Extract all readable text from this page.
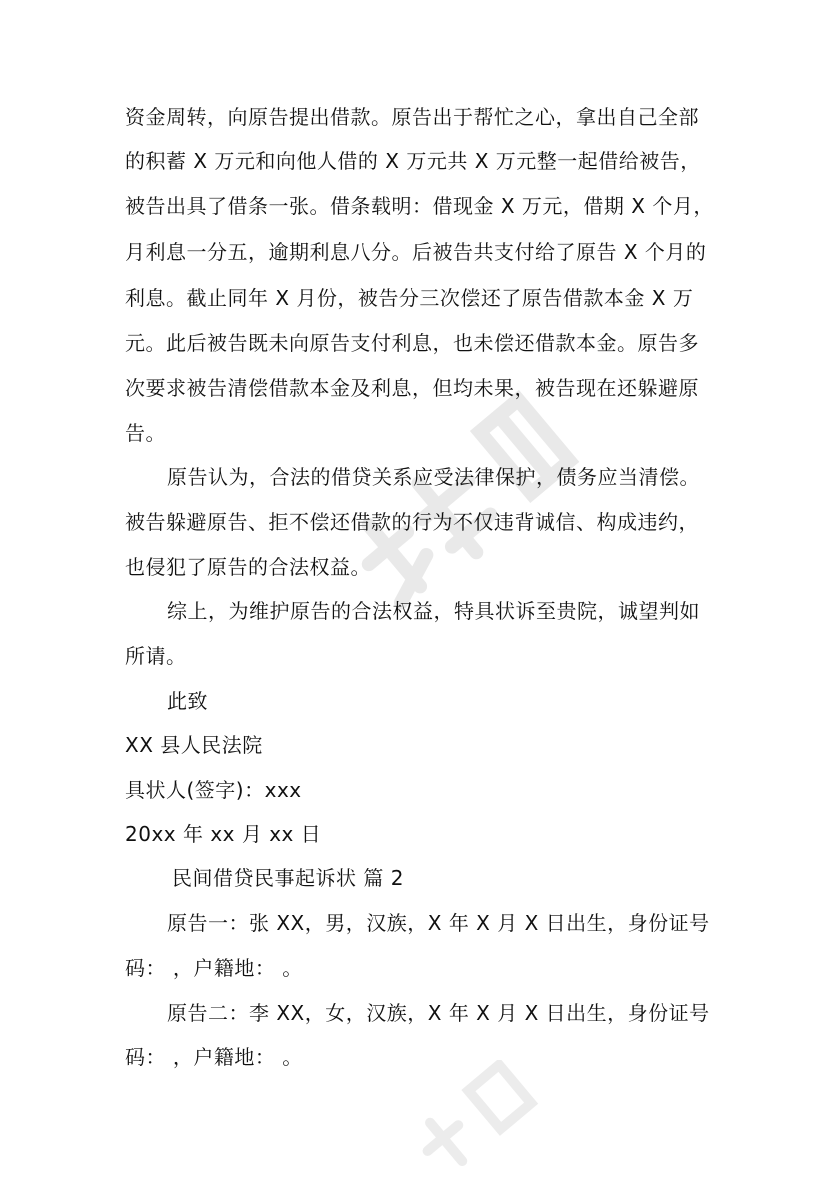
资金周转，向原告提出借款。原告出于帮忙之心，拿出自己全部
的积蓄 X 万元和向他人借的 X 万元共 X 万元整一起借给被告，
被告出具了借条一张。借条载明：借现金 X 万元，借期 X 个月，
月利息一分五，逾期利息八分。后被告共支付给了原告 X 个月的
利息。截止同年 X 月份，被告分三次偿还了原告借款本金 X 万
元。此后被告既未向原告支付利息，也未偿还借款本金。原告多
次要求被告清偿借款本金及利息，但均未果，被告现在还躲避原
告。
原告认为，合法的借贷关系应受法律保护，债务应当清偿。
被告躲避原告、拒不偿还借款的行为不仅违背诚信、构成违约，
也侵犯了原告的合法权益。
综上，为维护原告的合法权益，特具状诉至贵院，诚望判如
所请。
此致
XX 县人民法院
具状人(签字)：xxx
20xx 年 xx 月 xx 日
民间借贷民事起诉状 篇 2
原告一：张 XX，男，汉族，X 年 X 月 X 日出生，身份证号
码： ，户籍地： 。
原告二：李 XX，女，汉族，X 年 X 月 X 日出生，身份证号
码： ，户籍地： 。
